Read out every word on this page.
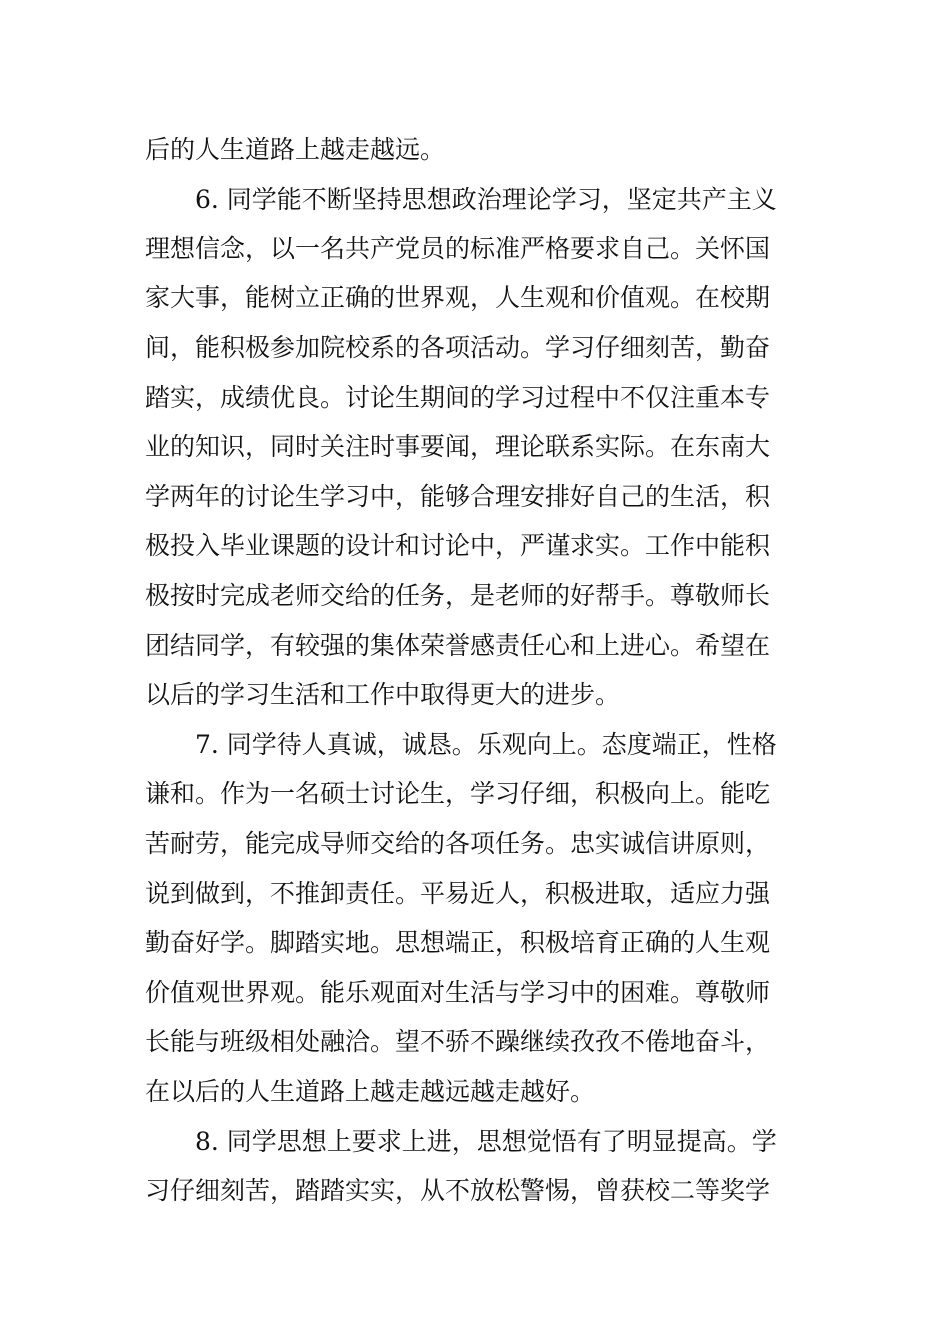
后的人生道路上越走越远。
6. 同学能不断坚持思想政治理论学习，坚定共产主义
理想信念，以一名共产党员的标准严格要求自己。关怀国
家大事，能树立正确的世界观，人生观和价值观。在校期
间，能积极参加院校系的各项活动。学习仔细刻苦，勤奋
踏实，成绩优良。讨论生期间的学习过程中不仅注重本专
业的知识，同时关注时事要闻，理论联系实际。在东南大
学两年的讨论生学习中，能够合理安排好自己的生活，积
极投入毕业课题的设计和讨论中，严谨求实。工作中能积
极按时完成老师交给的任务，是老师的好帮手。尊敬师长
团结同学，有较强的集体荣誉感责任心和上进心。希望在
以后的学习生活和工作中取得更大的进步。
7. 同学待人真诚，诚恳。乐观向上。态度端正，性格
谦和。作为一名硕士讨论生，学习仔细，积极向上。能吃
苦耐劳，能完成导师交给的各项任务。忠实诚信讲原则，
说到做到，不推卸责任。平易近人，积极进取，适应力强
勤奋好学。脚踏实地。思想端正，积极培育正确的人生观
价值观世界观。能乐观面对生活与学习中的困难。尊敬师
长能与班级相处融洽。望不骄不躁继续孜孜不倦地奋斗，
在以后的人生道路上越走越远越走越好。
8. 同学思想上要求上进，思想觉悟有了明显提高。学
习仔细刻苦，踏踏实实，从不放松警惕，曾获校二等奖学
